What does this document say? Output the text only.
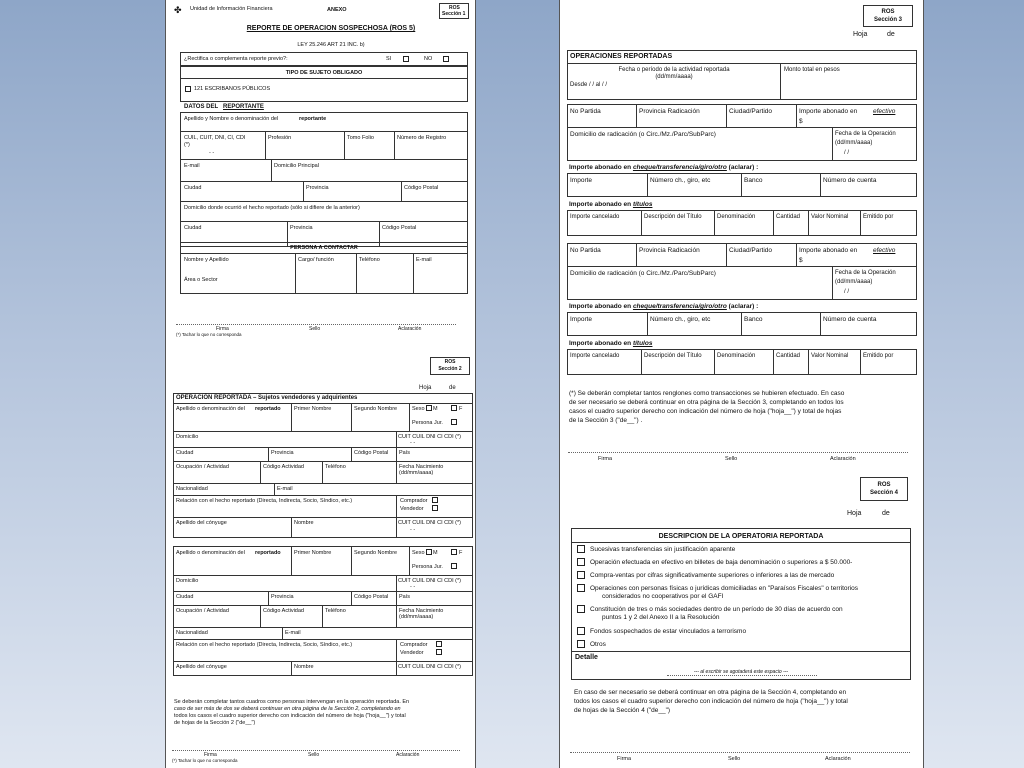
✤ Unidad de Información Financiera	ANEXO	ROS
Sección 1
REPORTE DE OPERACION SOSPECHOSA (ROS 5)
LEY 25.246 ART 21 INC. b)
¿Rectifica o complementa reporte previo?:	SI	NO
TIPO DE SUJETO OBLIGADO
121 ESCRIBANOS PÚBLICOS
DATOS DEL REPORTANTE
Apellido y Nombre o denominación del	reportante
CUIL, CUIT, DNI, CI, CDI
(*)
- -
Profesión	Tomo Folio	Número de Registro
E-mail	Domicilio Principal
Ciudad	Provincia	Código Postal
Domicilio donde ocurrió el hecho reportado (sólo si difiere de la anterior)
Ciudad	Provincia	Código Postal
PERSONA A CONTACTAR
Nombre y Apellido
Área o Sector
Cargo/ función	Teléfono	E-mail
Firma	Sello	Aclaración
(*) Tachar lo que no corresponda
ROS
Sección 2
Hoja	de
OPERACIÓN REPORTADA – Sujetos vendedores y adquirientes
Apellido o denominación del reportado Primer Nombre	Segundo Nombre	Sexo M	F
Persona Jur.
Domicilio	CUIT CUIL DNI CI CDI (*)
- -
Ciudad	Provincia	Código Postal País
Ocupación / Actividad	Código Actividad	Teléfono	Fecha Nacimiento
(dd/mm/aaaa)
Nacionalidad	E-mail
Relación con el hecho reportado (Directa, Indirecta, Socio, Síndico, etc.)	Comprador
Vendedor
Apellido del cónyuge	Nombre	CUIT CUIL DNI CI CDI (*)
- -
Apellido o denominación del reportado Primer Nombre	Segundo Nombre	Sexo M	F
Persona Jur.
Domicilio	CUIT CUIL DNI CI CDI (*)
- -
Ciudad	Provincia	Código Postal País
Ocupación / Actividad	Código Actividad	Teléfono	Fecha Nacimiento
(dd/mm/aaaa)
Nacionalidad	E-mail
Relación con el hecho reportado (Directa, Indirecta, Socio, Síndico, etc.)	Comprador
Vendedor
Apellido del cónyuge	Nombre	CUIT CUIL DNI CI CDI (*)
Se deberán completar tantos cuadros como personas intervengan en la operación reportada. En
caso de ser más de dos se deberá continuar en otra página de la Sección 2, completando en
todos los casos el cuadro superior derecho con indicación del número de hoja ("hoja__") y total
de hojas de la Sección 2 ("de__")
Firma	Sello	Aclaración
(*) Tachar lo que no corresponda
ROS
Sección 3
Hoja	de
OPERACIONES REPORTADAS
Fecha o período de la actividad reportada
(dd/mm/aaaa)
Desde / / al / /
Monto total en pesos
No Partida	Provincia Radicación	Ciudad/Partido	Importe abonado en efectivo
$
Domicilio de radicación (o Circ./Mz./Parc/SubParc)	Fecha de la Operación
(dd/mm/aaaa)
/ /
Importe abonado en cheque/transferencia/giro/otro (aclarar) :
Importe	Número ch., giro, etc	Banco	Número de cuenta
Importe abonado en títulos
Importe cancelado	Descripción del Título	Denominación	Cantidad Valor Nominal Emitido por
No Partida	Provincia Radicación	Ciudad/Partido	Importe abonado en efectivo
$
Domicilio de radicación (o Circ./Mz./Parc/SubParc)	Fecha de la Operación
(dd/mm/aaaa)
/ /
Importe abonado en cheque/transferencia/giro/otro (aclarar) :
Importe	Número ch., giro, etc	Banco	Número de cuenta
Importe abonado en títulos
Importe cancelado	Descripción del Título	Denominación	Cantidad Valor Nominal Emitido por
(*) Se deberán completar tantos renglones como transacciones se hubieren efectuado. En caso
de ser necesario se deberá continuar en otra página de la Sección 3, completando en todos los
casos el cuadro superior derecho con indicación del número de hoja ("hoja__") y total de hojas
de la Sección 3 ("de__") .
Firma	Sello	Aclaración
ROS
Sección 4
Hoja	de
DESCRIPCION DE LA OPERATORIA REPORTADA
Sucesivas transferencias sin justificación aparente
Operación efectuada en efectivo en billetes de baja denominación o superiores a $ 50.000-
Compra-ventas por cifras significativamente superiores o inferiores a las de mercado
Operaciones con personas físicas o jurídicas domiciliadas en "Paraísos Fiscales" o territorios
considerados no cooperativos por el GAFI
Constitución de tres o más sociedades dentro de un período de 30 días de acuerdo con
puntos 1 y 2 del Anexo II a la Resolución
Fondos sospechados de estar vinculados a terrorismo
Otros
Detalle
--- al escribir se agotaderá este espacio ---
En caso de ser necesario se deberá continuar en otra página de la Sección 4, completando en
todos los casos el cuadro superior derecho con indicación del número de hoja ("hoja__") y total
de hojas de la Sección 4 ("de__")
Firma	Sello	Aclaración
